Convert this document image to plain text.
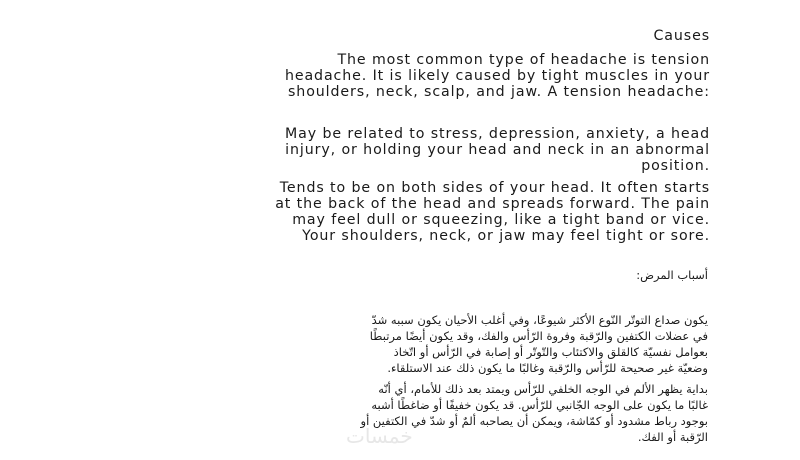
Causes

The most common type of headache is tension

headache. It is likely caused by tight muscles in your

shoulders, neck, scalp, and jaw. A tension headache:

May be related to stress, depression, anxiety, a head

injury, or holding your head and neck in an abnormal

position.

Tends to be on both sides of your head. It often starts

at the back of the head and spreads forward. The pain

may feel dull or squeezing, like a tight band or vice.

Your shoulders, neck, or jaw may feel tight or sore.

أسباب المرض:

يكون صداع التوتّر النّوع الأكثر شيوعًا، وفي أغلب الأحيان يكون سببه شدّ

في عضلات الكتفين والرّقبة وفروة الرّأس والفك، وقد يكون أيضًا مرتبطًا

بعوامل نفسيّة كالقلق والاكتئاب والتّوتّر أو إصابة في الرّأس أو اتّخاذ

وضعيّة غير صحيحة للرّأس والرّقبة وغالبًا ما يكون ذلك عند الاستلقاء.

بداية يظهر الألم في الوجه الخلفي للرّأس ويمتد بعد ذلك للأمام، أي أنّه

غالبًا ما يكون على الوجه الجّانبي للرّأس. قد يكون خفيفًا أو ضاغطًا أشبه

بوجود رباط مشدود أو كمّاشة، ويمكن أن يصاحبه ألمٌ أو شدّ في الكتفين أو

الرّقبة أو الفك.

خمسات
